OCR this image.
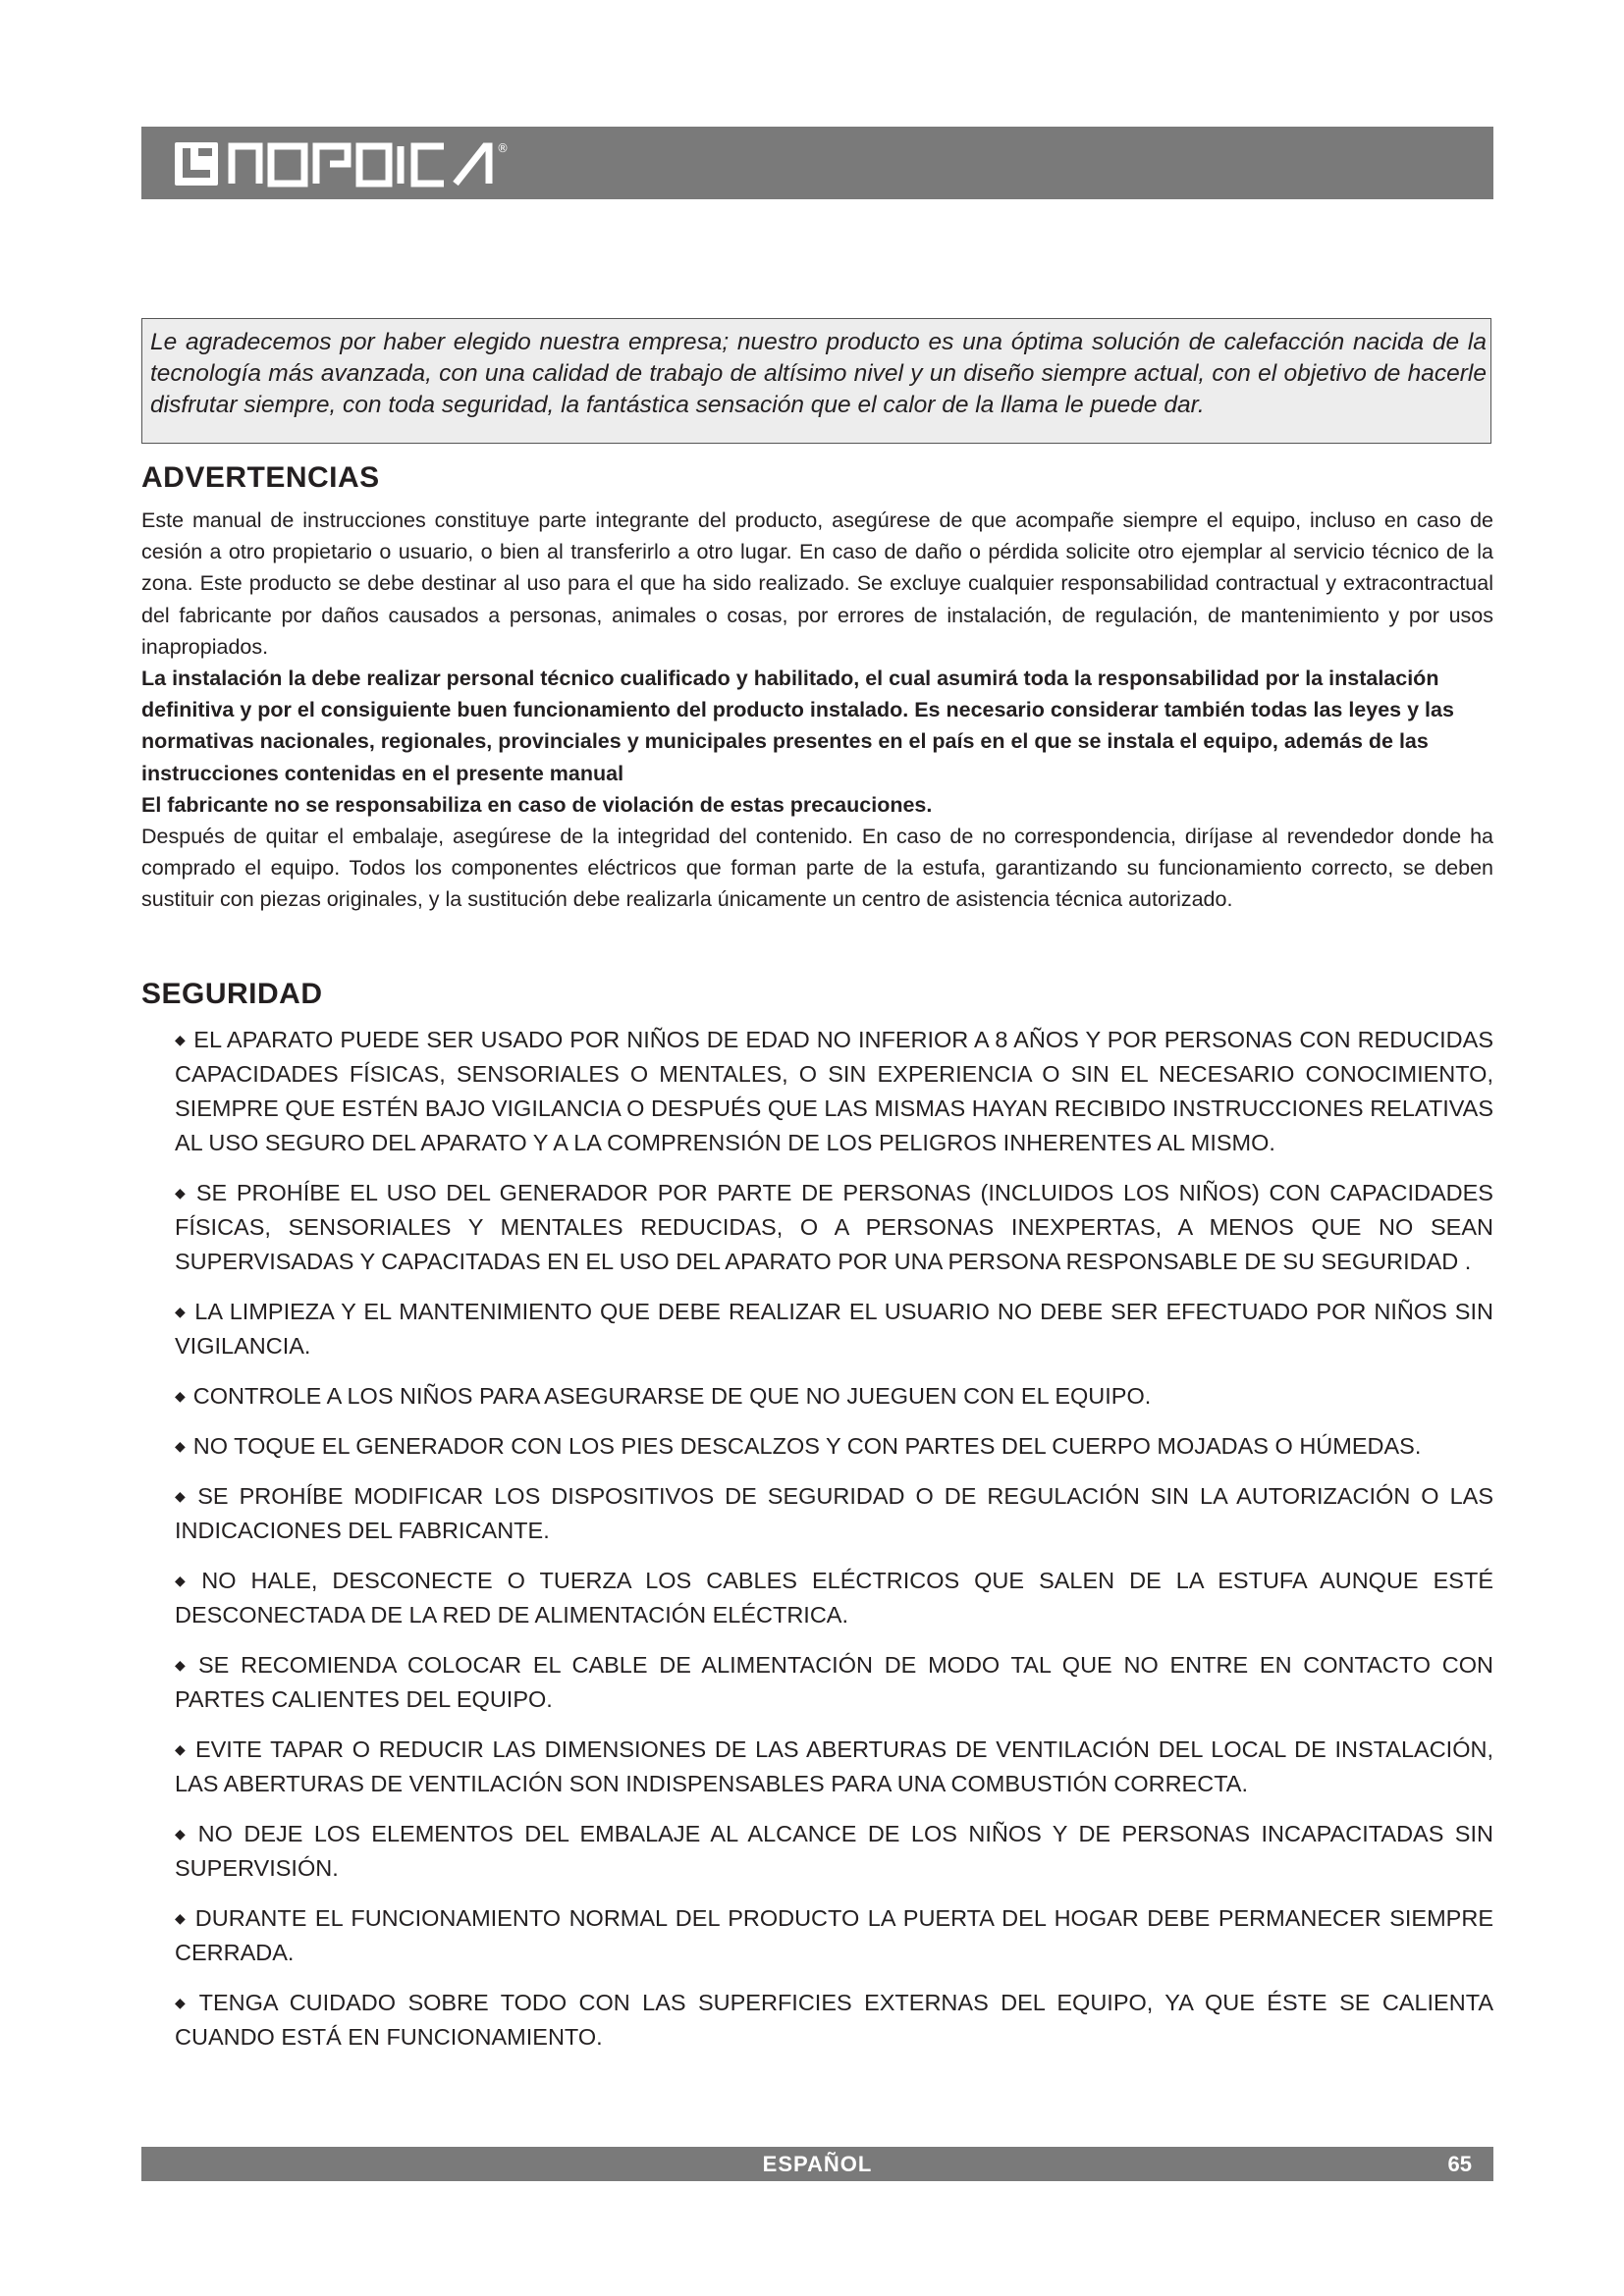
®
Le agradecemos por haber elegido nuestra empresa; nuestro producto es una óptima solución de calefacción nacida de la tecnología más avanzada, con una calidad de trabajo de altísimo nivel y un diseño siempre actual, con el objetivo de hacerle disfrutar siempre, con toda seguridad, la fantástica sensación que el calor de la llama le puede dar.
ADVERTENCIAS

Este manual de instrucciones constituye parte integrante del producto, asegúrese de que acompañe siempre el equipo, incluso en caso de cesión a otro propietario o usuario, o bien al transferirlo a otro lugar. En caso de daño o pérdida solicite otro ejemplar al servicio técnico de la zona. Este producto se debe destinar al uso para el que ha sido realizado. Se excluye cualquier responsabilidad contractual y extracontractual del fabricante por daños causados a personas, animales o cosas, por errores de instalación, de regulación, de mantenimiento y por usos inapropiados.

La instalación la debe realizar personal técnico cualificado y habilitado, el cual asumirá toda la responsabilidad por la instalación definitiva y por el consiguiente buen funcionamiento del producto instalado. Es necesario considerar también todas las leyes y las normativas nacionales, regionales, provinciales y municipales presentes en el país en el que se instala el equipo, además de las instrucciones contenidas en el presente manual

El fabricante no se responsabiliza en caso de violación de estas precauciones.

Después de quitar el embalaje, asegúrese de la integridad del contenido. En caso de no correspondencia, diríjase al revendedor donde ha comprado el equipo. Todos los componentes eléctricos que forman parte de la estufa, garantizando su funcionamiento correcto, se deben sustituir con piezas originales, y la sustitución debe realizarla únicamente un centro de asistencia técnica autorizado.

SEGURIDAD
◆ EL APARATO PUEDE SER USADO POR NIÑOS DE EDAD NO INFERIOR A 8 AÑOS Y POR PERSONAS CON REDUCIDAS CAPACIDADES FÍSICAS, SENSORIALES O MENTALES, O SIN EXPERIENCIA O SIN EL NECESARIO CONOCIMIENTO, SIEMPRE QUE ESTÉN BAJO VIGILANCIA O DESPUÉS QUE LAS MISMAS HAYAN RECIBIDO INSTRUCCIONES RELATIVAS AL USO SEGURO DEL APARATO Y A LA COMPRENSIÓN DE LOS PELIGROS INHERENTES AL MISMO.
◆ SE PROHÍBE EL USO DEL GENERADOR POR PARTE DE PERSONAS (INCLUIDOS LOS NIÑOS) CON CAPACIDADES FÍSICAS, SENSORIALES Y MENTALES REDUCIDAS, O A PERSONAS INEXPERTAS, A MENOS QUE NO SEAN SUPERVISADAS Y CAPACITADAS EN EL USO DEL APARATO POR UNA PERSONA RESPONSABLE DE SU SEGURIDAD .
◆ LA LIMPIEZA Y EL MANTENIMIENTO QUE DEBE REALIZAR EL USUARIO NO DEBE SER EFECTUADO POR NIÑOS SIN VIGILANCIA.
◆ CONTROLE A LOS NIÑOS PARA ASEGURARSE DE QUE NO JUEGUEN CON EL EQUIPO.
◆ NO TOQUE EL GENERADOR CON LOS PIES DESCALZOS Y CON PARTES DEL CUERPO MOJADAS O HÚMEDAS.
◆ SE PROHÍBE MODIFICAR LOS DISPOSITIVOS DE SEGURIDAD O DE REGULACIÓN SIN LA AUTORIZACIÓN O LAS INDICACIONES DEL FABRICANTE.
◆ NO HALE, DESCONECTE O TUERZA LOS CABLES ELÉCTRICOS QUE SALEN DE LA ESTUFA AUNQUE ESTÉ DESCONECTADA DE LA RED DE ALIMENTACIÓN ELÉCTRICA.
◆ SE RECOMIENDA COLOCAR EL CABLE DE ALIMENTACIÓN DE MODO TAL QUE NO ENTRE EN CONTACTO CON PARTES CALIENTES DEL EQUIPO.
◆ EVITE TAPAR O REDUCIR LAS DIMENSIONES DE LAS ABERTURAS DE VENTILACIÓN DEL LOCAL DE INSTALACIÓN, LAS ABERTURAS DE VENTILACIÓN SON INDISPENSABLES PARA UNA COMBUSTIÓN CORRECTA.
◆ NO DEJE LOS ELEMENTOS DEL EMBALAJE AL ALCANCE DE LOS NIÑOS Y DE PERSONAS INCAPACITADAS SIN SUPERVISIÓN.
◆ DURANTE EL FUNCIONAMIENTO NORMAL DEL PRODUCTO LA PUERTA DEL HOGAR DEBE PERMANECER SIEMPRE CERRADA.
◆ TENGA CUIDADO SOBRE TODO CON LAS SUPERFICIES EXTERNAS DEL EQUIPO, YA QUE ÉSTE SE CALIENTA CUANDO ESTÁ EN FUNCIONAMIENTO.
ESPAÑOL	65
